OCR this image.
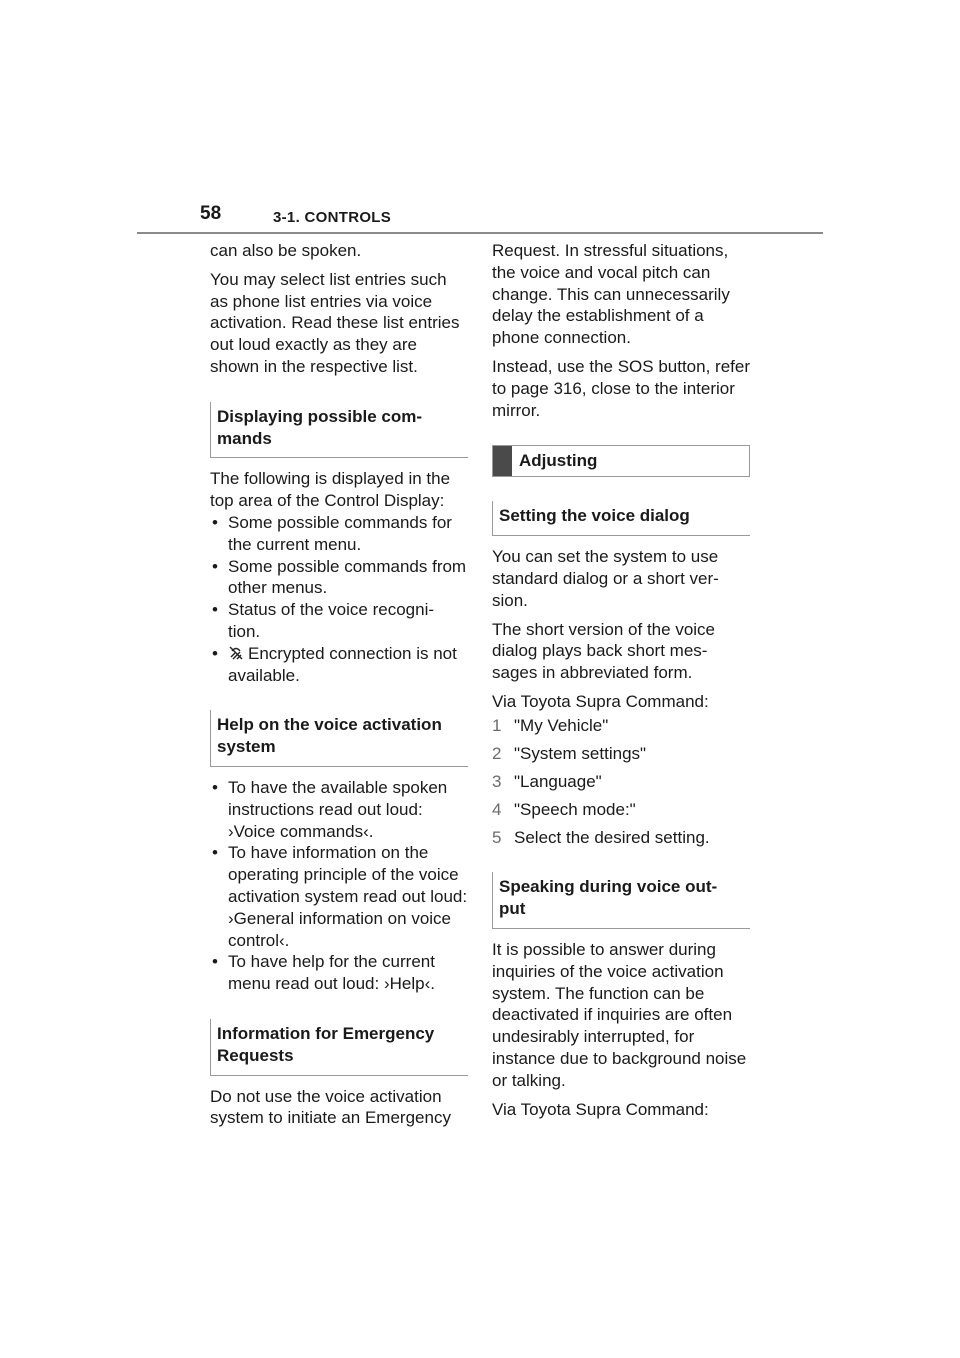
58	3-1. CONTROLS

can also be spoken.

You may select list entries such as phone list entries via voice activation. Read these list entries out loud exactly as they are shown in the respective list.

Displaying possible com- mands

The following is displayed in the top area of the Control Display:

• Some possible commands for the current menu.
• Some possible commands from other menus.
• Status of the voice recogni- tion.
• Encrypted connection is not available.
Help on the voice activation system
• To have the available spoken instructions read out loud: ›Voice commands‹.
• To have information on the operating principle of the voice activation system read out loud: ›General information on voice control‹.
• To have help for the current menu read out loud: ›Help‹.
Information for Emergency Requests

Do not use the voice activation system to initiate an Emergency

Request. In stressful situations, the voice and vocal pitch can change. This can unnecessarily delay the establishment of a phone connection.

Instead, use the SOS button, refer to page 316, close to the interior mirror.

Adjusting
Setting the voice dialog

You can set the system to use standard dialog or a short ver- sion.

The short version of the voice dialog plays back short mes- sages in abbreviated form.

Via Toyota Supra Command:

1 "My Vehicle"
2 "System settings"
3 "Language"
4 "Speech mode:"
5 Select the desired setting.
Speaking during voice out- put

It is possible to answer during inquiries of the voice activation system. The function can be deactivated if inquiries are often undesirably interrupted, for instance due to background noise or talking.

Via Toyota Supra Command:
